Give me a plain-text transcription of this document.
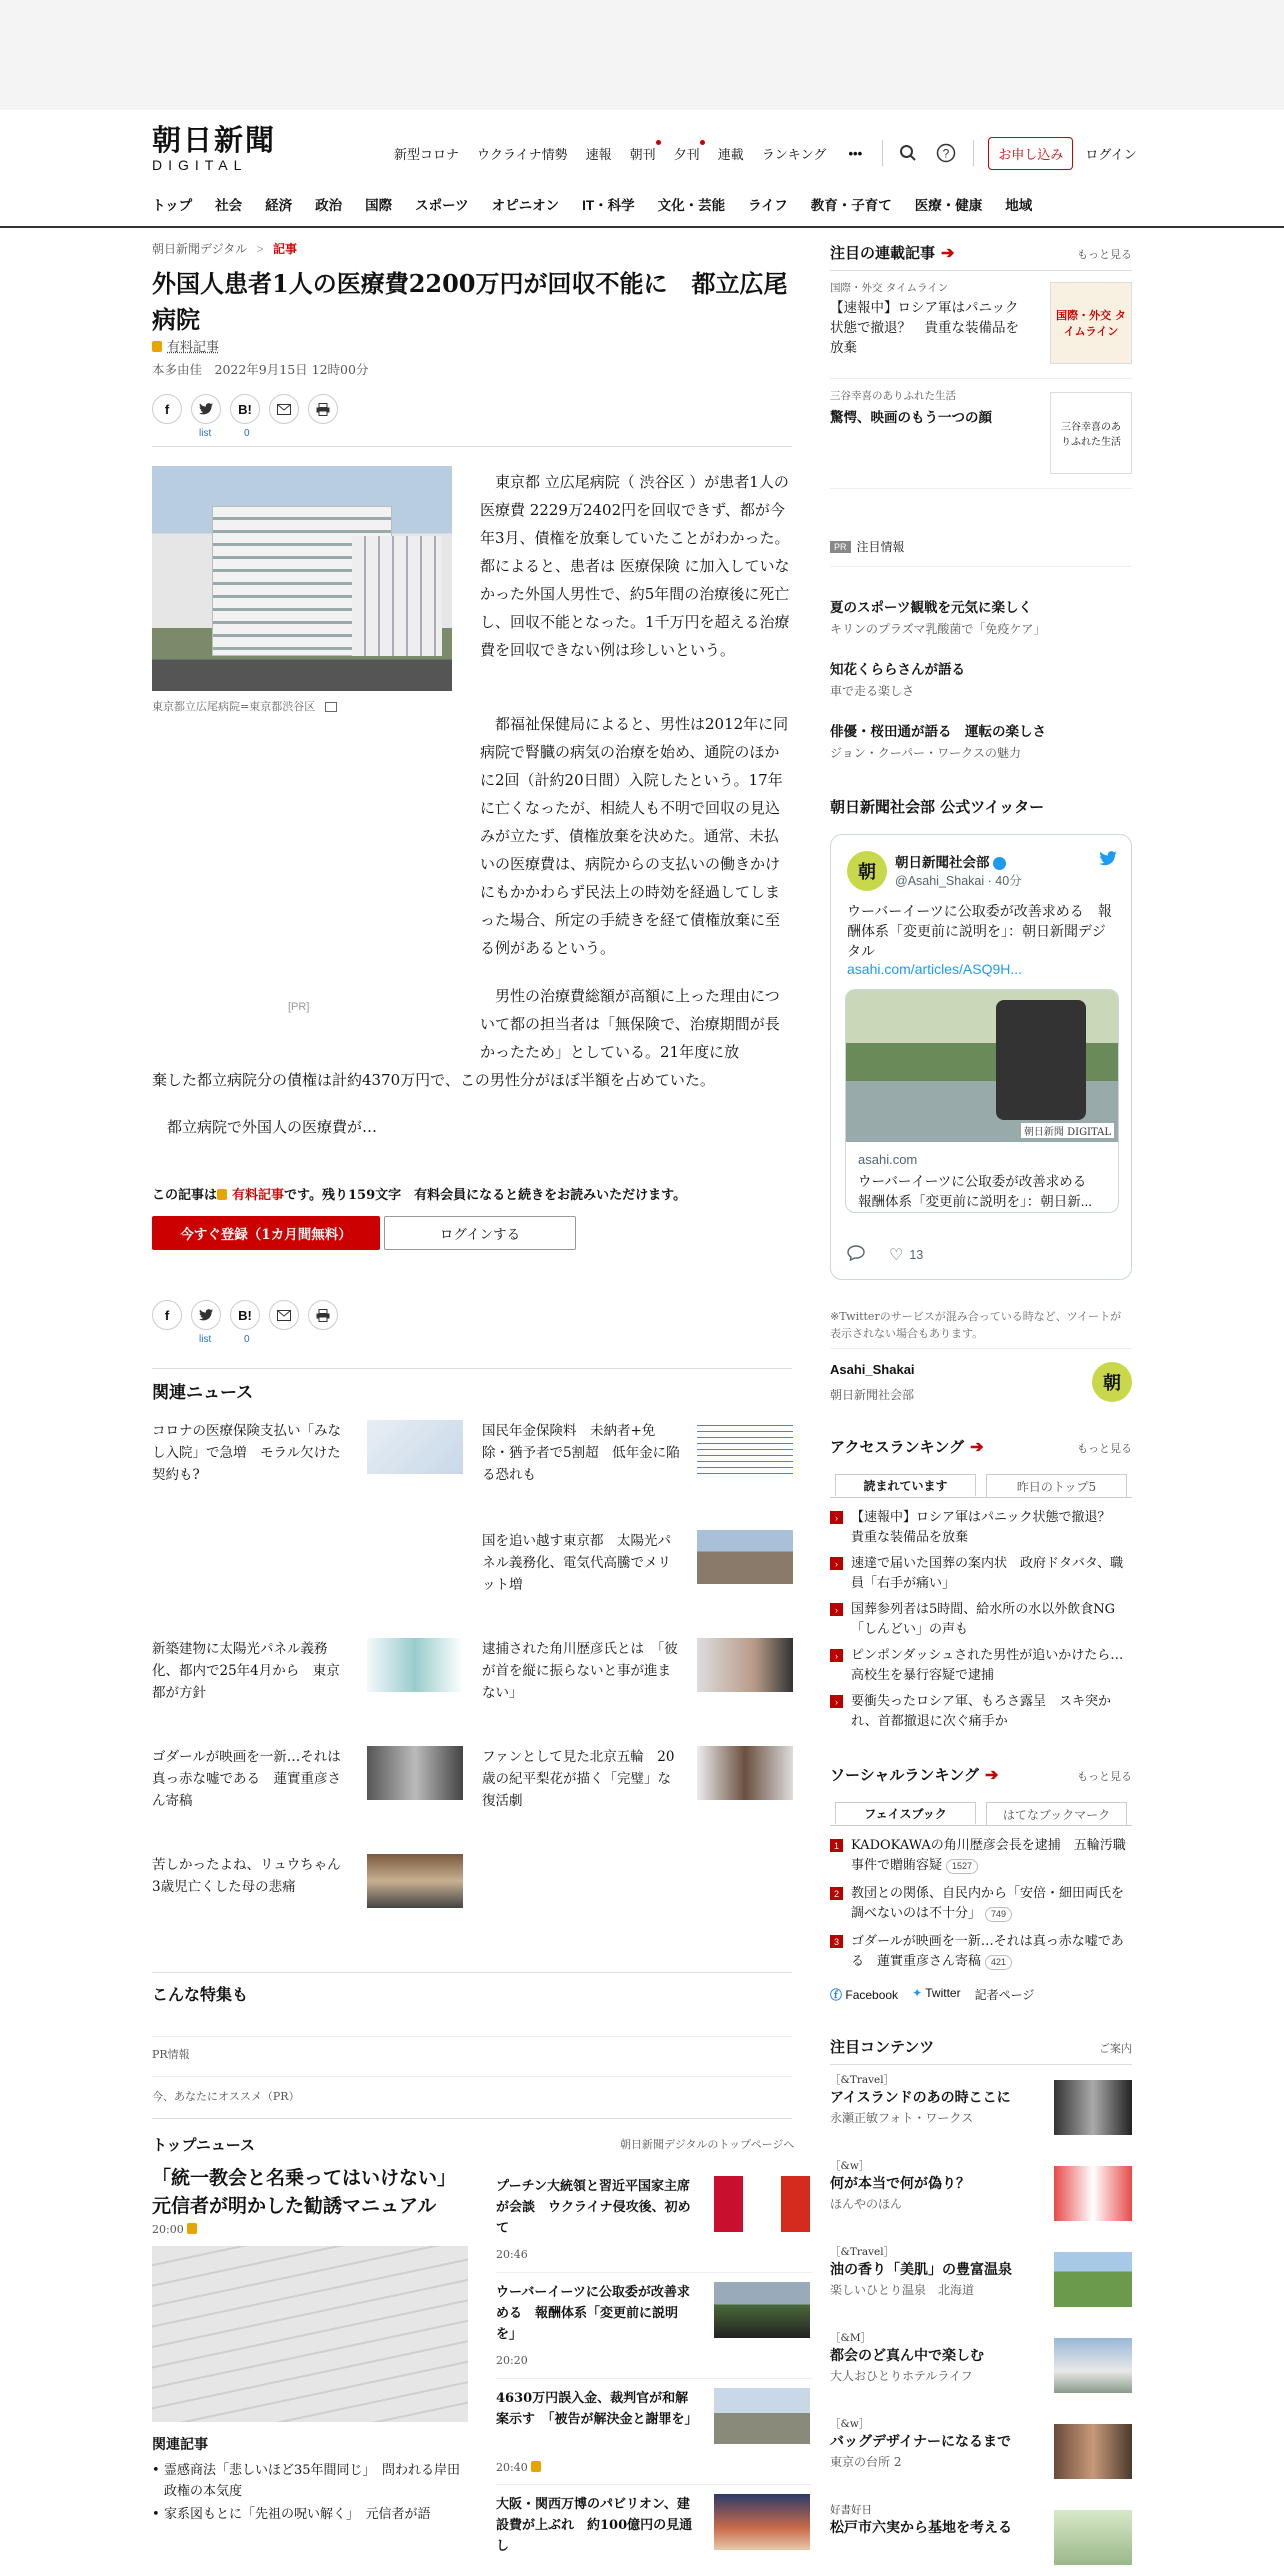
朝日新聞
DIGITAL
新型コロナ ウクライナ情勢 速報 朝刊 夕刊 連載 ランキング	•••	?	お申し込み	ログイン
トップ 社会 経済 政治 国際 スポーツ オピニオン IT・科学 文化・芸能 ライフ 教育・子育て 医療・健康 地域
朝日新聞デジタル > 記事
外国人患者1人の医療費2200万円が回収不能に　都立広尾病院
有料記事
本多由佳　2022年9月15日 12時00分
f	B!
list	0
東京都立広尾病院=東京都渋谷区
[PR]

東京都 立広尾病院（ 渋谷区 ）が患者1人の 医療費 2229万2402円を回収できず、都が今年3月、債権を放棄していたことがわかった。都によると、患者は 医療保険 に加入していなかった外国人男性で、約5年間の治療後に死亡し、回収不能となった。1千万円を超える治療費を回収できない例は珍しいという。

都福祉保健局によると、男性は2012年に同病院で腎臓の病気の治療を始め、通院のほかに2回（計約20日間）入院したという。17年に亡くなったが、相続人も不明で回収の見込みが立たず、債権放棄を決めた。通常、未払いの医療費は、病院からの支払いの働きかけにもかかわらず民法上の時効を経過してしまった場合、所定の手続きを経て債権放棄に至る例があるという。

男性の治療費総額が高額に上った理由について都の担当者は「無保険で、治療期間が長かったため」としている。21年度に放

棄した都立病院分の債権は計約4370万円で、この男性分がほぼ半額を占めていた。

都立病院で外国人の医療費が…
この記事は 有料記事です。残り159文字　有料会員になると続きをお読みいただけます。
今すぐ登録（1カ月間無料）	ログインする
f	B!
list	0
関連ニュース
コロナの医療保険支払い「みなし入院」で急増　モラル欠けた契約も?
国民年金保険料　未納者+免除・猶予者で5割超　低年金に陥る恐れも
国を追い越す東京都　太陽光パネル義務化、電気代高騰でメリット増
新築建物に太陽光パネル義務化、都内で25年4月から　東京都が方針
逮捕された角川歴彦氏とは　「彼が首を縦に振らないと事が進まない」
ゴダールが映画を一新…それは真っ赤な嘘である　蓮實重彦さん寄稿
ファンとして見た北京五輪　20歳の紀平梨花が描く「完璧」な復活劇
苦しかったよね、リュウちゃん　3歳児亡くした母の悲痛
こんな特集も
PR情報
今、あなたにオススメ（PR）
トップニュース	朝日新聞デジタルのトップページへ
「統一教会と名乗ってはいけない」元信者が明かした勧誘マニュアル
20:00
関連記事
• 霊感商法「悲しいほど35年間同じ」　問われる岸田政権の本気度
• 家系図もとに「先祖の呪い解く」　元信者が語
プーチン大統領と習近平国家主席が会談　ウクライナ侵攻後、初めて
20:46
ウーバーイーツに公取委が改善求める　報酬体系「変更前に説明を」
20:20
4630万円誤入金、裁判官が和解案示す　「被告が解決金と謝罪を」
20:40
大阪・関西万博のパビリオン、建設費が上ぶれ　約100億円の見通し
注目の連載記事 ➔	もっと見る
国際・外交 タイムライン
【速報中】ロシア軍はパニック状態で撤退？　貴重な装備品を放棄
国際・外交 タイムライン
三谷幸喜のありふれた生活
驚愕、映画のもう一つの顔
三谷幸喜のありふれた生活
PR 注目情報
夏のスポーツ観戦を元気に楽しく
キリンのプラズマ乳酸菌で「免疫ケア」
知花くららさんが語る
車で走る楽しさ
俳優・桜田通が語る　運転の楽しさ
ジョン・クーパー・ワークスの魅力
朝日新聞社会部 公式ツイッター
朝	朝日新聞社会部
@Asahi_Shakai · 40分
ウーバーイーツに公取委が改善求める　報酬体系「変更前に説明を」：朝日新聞デジタル
asahi.com/articles/ASQ9H...
朝日新聞 DIGITAL
asahi.com
ウーバーイーツに公取委が改善求める　報酬体系「変更前に説明を」：朝日新...
♡ 13
※Twitterのサービスが混み合っている時など、ツイートが表示されない場合もあります。
Asahi_Shakai
朝日新聞社会部
朝
アクセスランキング ➔	もっと見る
読まれています	昨日のトップ5
›	【速報中】ロシア軍はパニック状態で撤退？　貴重な装備品を放棄
›	速達で届いた国葬の案内状　政府ドタバタ、職員「右手が痛い」
›	国葬参列者は5時間、給水所の水以外飲食NG　「しんどい」の声も
›	ピンポンダッシュされた男性が追いかけたら…高校生を暴行容疑で逮捕
›	要衝失ったロシア軍、もろさ露呈　スキ突かれ、首都撤退に次ぐ痛手か
ソーシャルランキング ➔	もっと見る
フェイスブック	はてなブックマーク
1 KADOKAWAの角川歴彦会長を逮捕　五輪汚職事件で贈賄容疑 1527
2 教団との関係、自民内から「安倍・細田両氏を調べないのは不十分」 749
3 ゴダールが映画を一新…それは真っ赤な嘘である　蓮實重彦さん寄稿 421
ⓕ Facebook ✦ Twitter 記者ページ
注目コンテンツ	ご案内
［&Travel］
アイスランドのあの時ここに
永瀬正敏フォト・ワークス
［&w］
何が本当で何が偽り？
ほんやのほん
［&Travel］
油の香り「美肌」の豊富温泉
楽しいひとり温泉　北海道
［&M］
都会のど真ん中で楽しむ
大人おひとりホテルライフ
［&w］
バッグデザイナーになるまで
東京の台所 2
好書好日
松戸市六実から基地を考える
